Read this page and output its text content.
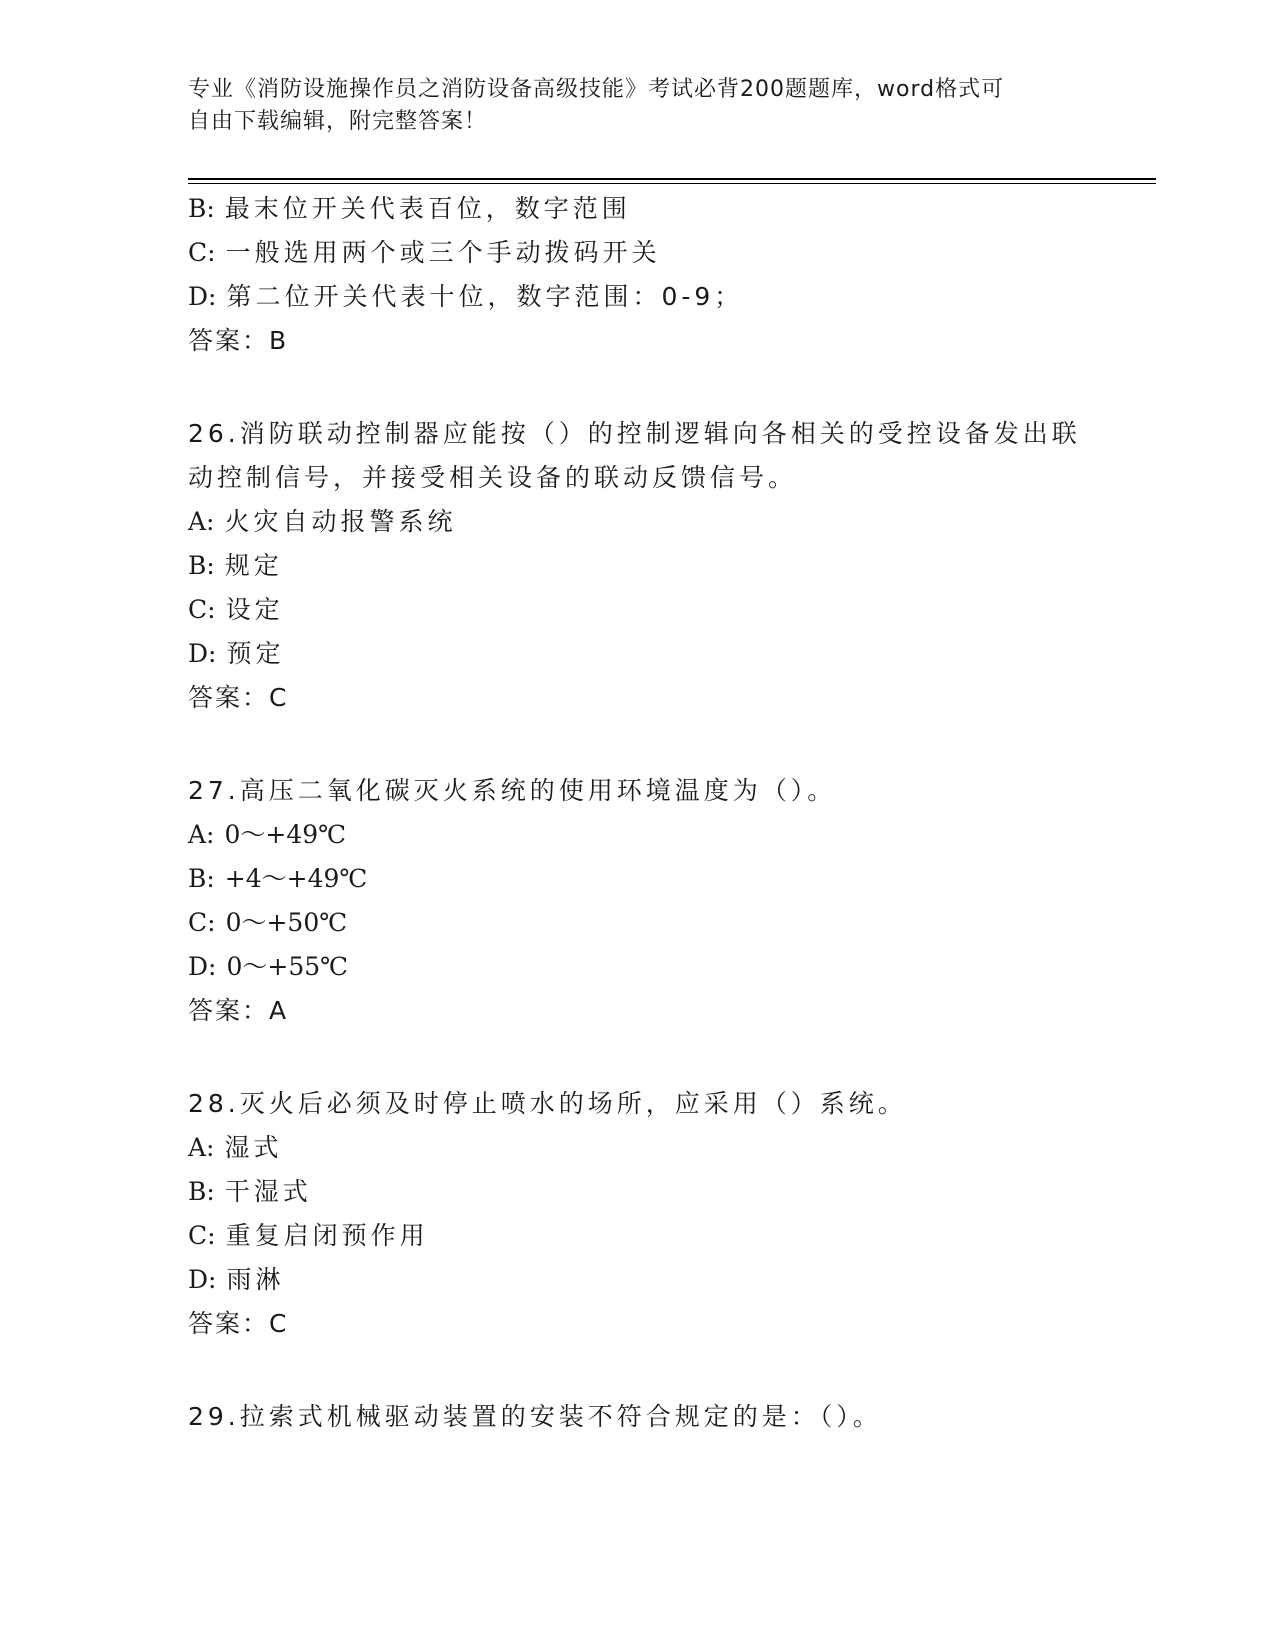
专业《消防设施操作员之消防设备高级技能》考试必背200题题库，word格式可
自由下载编辑，附完整答案！
B: 最末位开关代表百位，数字范围
C: 一般选用两个或三个手动拨码开关
D: 第二位开关代表十位，数字范围：0-9；
答案：B
26.消防联动控制器应能按（）的控制逻辑向各相关的受控设备发出联
动控制信号，并接受相关设备的联动反馈信号。
A: 火灾自动报警系统
B: 规定
C: 设定
D: 预定
答案：C
27.高压二氧化碳灭火系统的使用环境温度为（）。
A: 0～+49℃
B: +4～+49℃
C: 0～+50℃
D: 0～+55℃
答案：A
28.灭火后必须及时停止喷水的场所，应采用（）系统。
A: 湿式
B: 干湿式
C: 重复启闭预作用
D: 雨淋
答案：C
29.拉索式机械驱动装置的安装不符合规定的是：（）。
